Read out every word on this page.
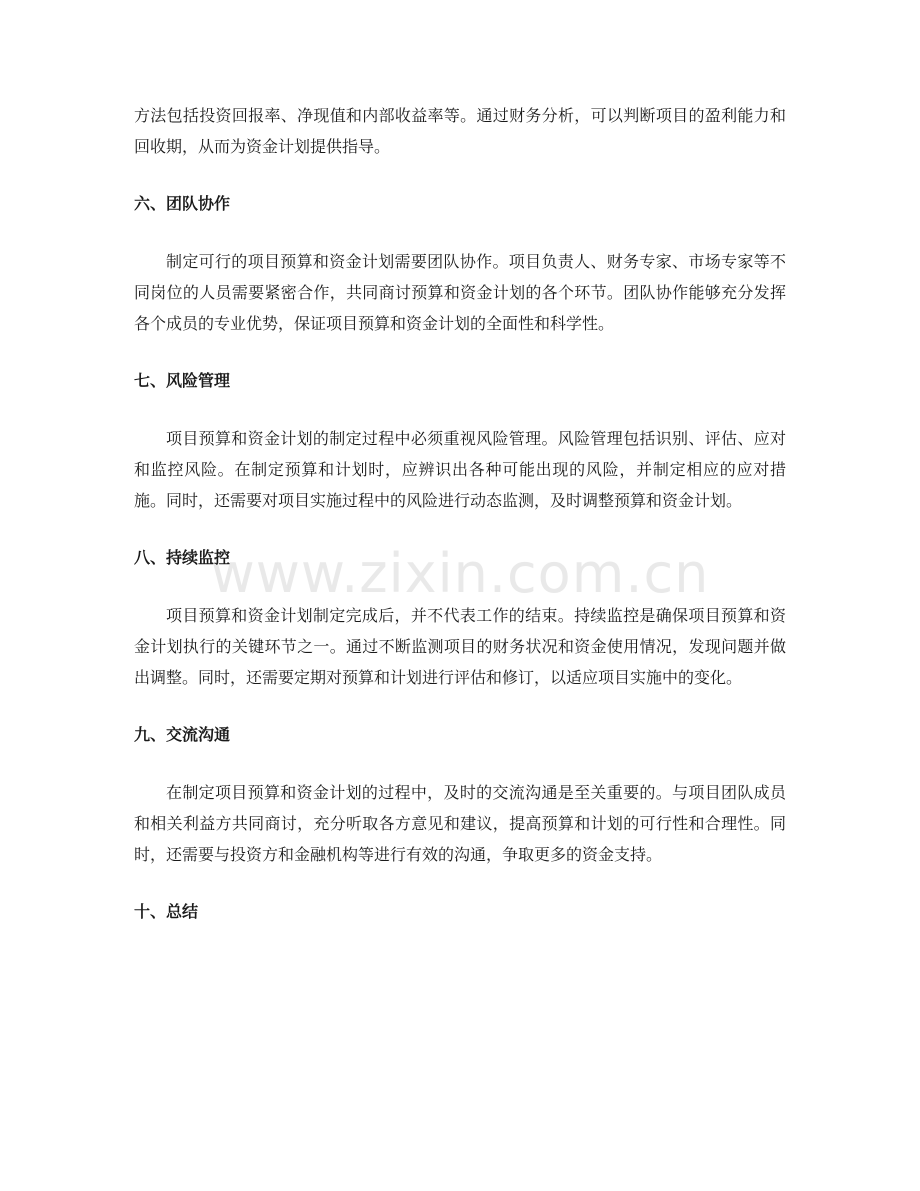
方法包括投资回报率、净现值和内部收益率等。通过财务分析，可以判断项目的盈利能力和回收期，从而为资金计划提供指导。

六、团队协作

制定可行的项目预算和资金计划需要团队协作。项目负责人、财务专家、市场专家等不同岗位的人员需要紧密合作，共同商讨预算和资金计划的各个环节。团队协作能够充分发挥各个成员的专业优势，保证项目预算和资金计划的全面性和科学性。

七、风险管理

项目预算和资金计划的制定过程中必须重视风险管理。风险管理包括识别、评估、应对和监控风险。在制定预算和计划时，应辨识出各种可能出现的风险，并制定相应的应对措施。同时，还需要对项目实施过程中的风险进行动态监测，及时调整预算和资金计划。

八、持续监控

项目预算和资金计划制定完成后，并不代表工作的结束。持续监控是确保项目预算和资金计划执行的关键环节之一。通过不断监测项目的财务状况和资金使用情况，发现问题并做出调整。同时，还需要定期对预算和计划进行评估和修订，以适应项目实施中的变化。

九、交流沟通

在制定项目预算和资金计划的过程中，及时的交流沟通是至关重要的。与项目团队成员和相关利益方共同商讨，充分听取各方意见和建议，提高预算和计划的可行性和合理性。同时，还需要与投资方和金融机构等进行有效的沟通，争取更多的资金支持。

十、总结
www.zixin.com.cn
